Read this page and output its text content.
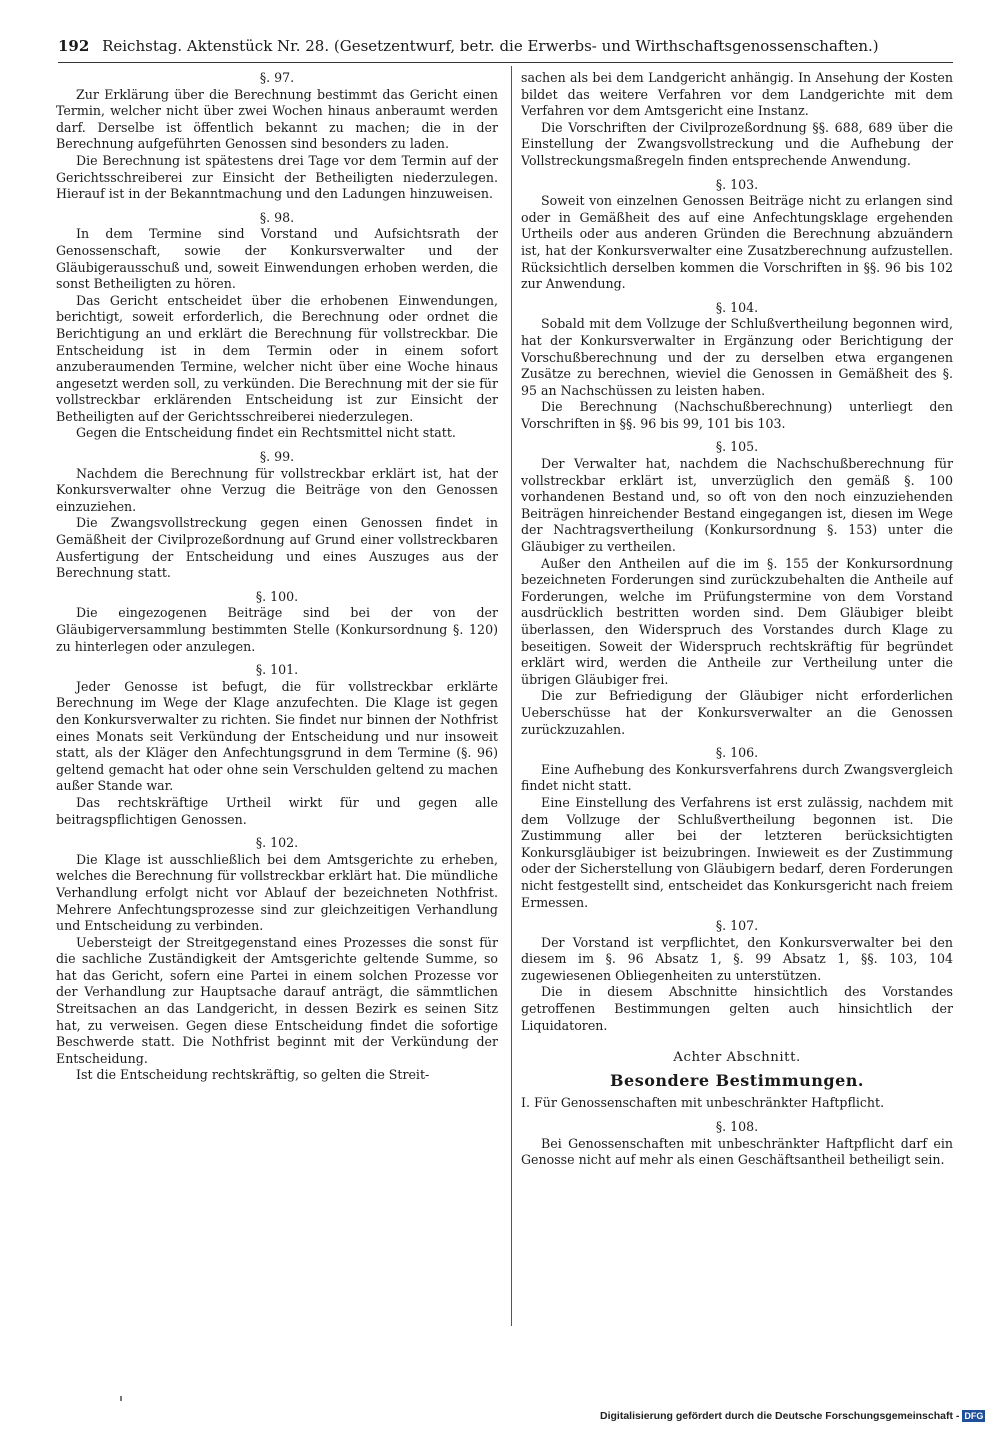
192 Reichstag. Aktenstück Nr. 28. (Gesetzentwurf, betr. die Erwerbs- und Wirthschaftsgenossenschaften.)
§. 97.

Zur Erklärung über die Berechnung bestimmt das Gericht einen Termin, welcher nicht über zwei Wochen hinaus anberaumt werden darf. Derselbe ist öffentlich bekannt zu machen; die in der Berechnung aufgeführten Genossen sind besonders zu laden.

Die Berechnung ist spätestens drei Tage vor dem Termin auf der Gerichtsschreiberei zur Einsicht der Betheiligten niederzulegen. Hierauf ist in der Bekanntmachung und den Ladungen hinzuweisen.

§. 98.

In dem Termine sind Vorstand und Aufsichtsrath der Genossenschaft, sowie der Konkursverwalter und der Gläubigerausschuß und, soweit Einwendungen erhoben werden, die sonst Betheiligten zu hören.

Das Gericht entscheidet über die erhobenen Einwendungen, berichtigt, soweit erforderlich, die Berechnung oder ordnet die Berichtigung an und erklärt die Berechnung für vollstreckbar. Die Entscheidung ist in dem Termin oder in einem sofort anzuberaumenden Termine, welcher nicht über eine Woche hinaus angesetzt werden soll, zu verkünden. Die Berechnung mit der sie für vollstreckbar erklärenden Entscheidung ist zur Einsicht der Betheiligten auf der Gerichtsschreiberei niederzulegen.

Gegen die Entscheidung findet ein Rechtsmittel nicht statt.

§. 99.

Nachdem die Berechnung für vollstreckbar erklärt ist, hat der Konkursverwalter ohne Verzug die Beiträge von den Genossen einzuziehen.

Die Zwangsvollstreckung gegen einen Genossen findet in Gemäßheit der Civilprozeßordnung auf Grund einer vollstreckbaren Ausfertigung der Entscheidung und eines Auszuges aus der Berechnung statt.

§. 100.

Die eingezogenen Beiträge sind bei der von der Gläubigerversammlung bestimmten Stelle (Konkursordnung §. 120) zu hinterlegen oder anzulegen.

§. 101.

Jeder Genosse ist befugt, die für vollstreckbar erklärte Berechnung im Wege der Klage anzufechten. Die Klage ist gegen den Konkursverwalter zu richten. Sie findet nur binnen der Nothfrist eines Monats seit Verkündung der Entscheidung und nur insoweit statt, als der Kläger den Anfechtungsgrund in dem Termine (§. 96) geltend gemacht hat oder ohne sein Verschulden geltend zu machen außer Stande war.

Das rechtskräftige Urtheil wirkt für und gegen alle beitragspflichtigen Genossen.

§. 102.

Die Klage ist ausschließlich bei dem Amtsgerichte zu erheben, welches die Berechnung für vollstreckbar erklärt hat. Die mündliche Verhandlung erfolgt nicht vor Ablauf der bezeichneten Nothfrist. Mehrere Anfechtungsprozesse sind zur gleichzeitigen Verhandlung und Entscheidung zu verbinden.

Uebersteigt der Streitgegenstand eines Prozesses die sonst für die sachliche Zuständigkeit der Amtsgerichte geltende Summe, so hat das Gericht, sofern eine Partei in einem solchen Prozesse vor der Verhandlung zur Hauptsache darauf anträgt, die sämmtlichen Streitsachen an das Landgericht, in dessen Bezirk es seinen Sitz hat, zu verweisen. Gegen diese Entscheidung findet die sofortige Beschwerde statt. Die Nothfrist beginnt mit der Verkündung der Entscheidung.

Ist die Entscheidung rechtskräftig, so gelten die Streit-

sachen als bei dem Landgericht anhängig. In Ansehung der Kosten bildet das weitere Verfahren vor dem Landgerichte mit dem Verfahren vor dem Amtsgericht eine Instanz.

Die Vorschriften der Civilprozeßordnung §§. 688, 689 über die Einstellung der Zwangsvollstreckung und die Aufhebung der Vollstreckungsmaßregeln finden entsprechende Anwendung.

§. 103.

Soweit von einzelnen Genossen Beiträge nicht zu erlangen sind oder in Gemäßheit des auf eine Anfechtungsklage ergehenden Urtheils oder aus anderen Gründen die Berechnung abzuändern ist, hat der Konkursverwalter eine Zusatzberechnung aufzustellen. Rücksichtlich derselben kommen die Vorschriften in §§. 96 bis 102 zur Anwendung.

§. 104.

Sobald mit dem Vollzuge der Schlußvertheilung begonnen wird, hat der Konkursverwalter in Ergänzung oder Berichtigung der Vorschußberechnung und der zu derselben etwa ergangenen Zusätze zu berechnen, wieviel die Genossen in Gemäßheit des §. 95 an Nachschüssen zu leisten haben.

Die Berechnung (Nachschußberechnung) unterliegt den Vorschriften in §§. 96 bis 99, 101 bis 103.

§. 105.

Der Verwalter hat, nachdem die Nachschußberechnung für vollstreckbar erklärt ist, unverzüglich den gemäß §. 100 vorhandenen Bestand und, so oft von den noch einzuziehenden Beiträgen hinreichender Bestand eingegangen ist, diesen im Wege der Nachtragsvertheilung (Konkursordnung §. 153) unter die Gläubiger zu vertheilen.

Außer den Antheilen auf die im §. 155 der Konkursordnung bezeichneten Forderungen sind zurückzubehalten die Antheile auf Forderungen, welche im Prüfungstermine von dem Vorstand ausdrücklich bestritten worden sind. Dem Gläubiger bleibt überlassen, den Widerspruch des Vorstandes durch Klage zu beseitigen. Soweit der Widerspruch rechtskräftig für begründet erklärt wird, werden die Antheile zur Vertheilung unter die übrigen Gläubiger frei.

Die zur Befriedigung der Gläubiger nicht erforderlichen Ueberschüsse hat der Konkursverwalter an die Genossen zurückzuzahlen.

§. 106.

Eine Aufhebung des Konkursverfahrens durch Zwangsvergleich findet nicht statt.

Eine Einstellung des Verfahrens ist erst zulässig, nachdem mit dem Vollzuge der Schlußvertheilung begonnen ist. Die Zustimmung aller bei der letzteren berücksichtigten Konkursgläubiger ist beizubringen. Inwieweit es der Zustimmung oder der Sicherstellung von Gläubigern bedarf, deren Forderungen nicht festgestellt sind, entscheidet das Konkursgericht nach freiem Ermessen.

§. 107.

Der Vorstand ist verpflichtet, den Konkursverwalter bei den diesem im §. 96 Absatz 1, §. 99 Absatz 1, §§. 103, 104 zugewiesenen Obliegenheiten zu unterstützen.

Die in diesem Abschnitte hinsichtlich des Vorstandes getroffenen Bestimmungen gelten auch hinsichtlich der Liquidatoren.

Achter Abschnitt.
Besondere Bestimmungen.
I. Für Genossenschaften mit unbeschränkter Haftpflicht.
§. 108.

Bei Genossenschaften mit unbeschränkter Haftpflicht darf ein Genosse nicht auf mehr als einen Geschäftsantheil betheiligt sein.

Digitalisierung gefördert durch die Deutsche Forschungsgemeinschaft - DFG
